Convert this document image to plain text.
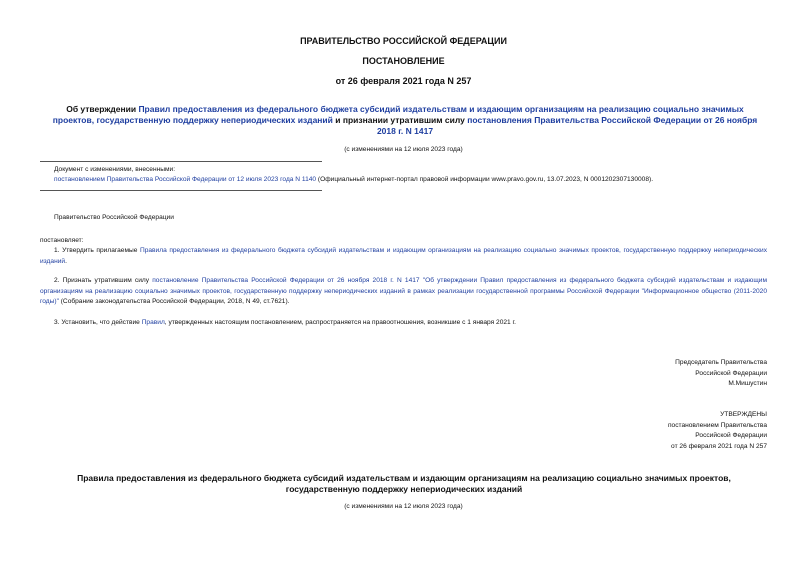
ПРАВИТЕЛЬСТВО РОССИЙСКОЙ ФЕДЕРАЦИИ
ПОСТАНОВЛЕНИЕ
от 26 февраля 2021 года N 257
Об утверждении Правил предоставления из федерального бюджета субсидий издательствам и издающим организациям на реализацию социально значимых проектов, государственную поддержку непериодических изданий и признании утратившим силу постановления Правительства Российской Федерации от 26 ноября 2018 г. N 1417
(с изменениями на 12 июля 2023 года)
Документ с изменениями, внесенными:
постановлением Правительства Российской Федерации от 12 июля 2023 года N 1140 (Официальный интернет-портал правовой информации www.pravo.gov.ru, 13.07.2023, N 0001202307130008).
Правительство Российской Федерации
постановляет:
1. Утвердить прилагаемые Правила предоставления из федерального бюджета субсидий издательствам и издающим организациям на реализацию социально значимых проектов, государственную поддержку непериодических изданий.
2. Признать утратившим силу постановление Правительства Российской Федерации от 26 ноября 2018 г. N 1417 "Об утверждении Правил предоставления из федерального бюджета субсидий издательствам и издающим организациям на реализацию социально значимых проектов, государственную поддержку непериодических изданий в рамках реализации государственной программы Российской Федерации "Информационное общество (2011-2020 годы)" (Собрание законодательства Российской Федерации, 2018, N 49, ст.7621).
3. Установить, что действие Правил, утвержденных настоящим постановлением, распространяется на правоотношения, возникшие с 1 января 2021 г.
Председатель Правительства
Российской Федерации
М.Мишустин
УТВЕРЖДЕНЫ
постановлением Правительства
Российской Федерации
от 26 февраля 2021 года N 257
Правила предоставления из федерального бюджета субсидий издательствам и издающим организациям на реализацию социально значимых проектов, государственную поддержку непериодических изданий
(с изменениями на 12 июля 2023 года)
